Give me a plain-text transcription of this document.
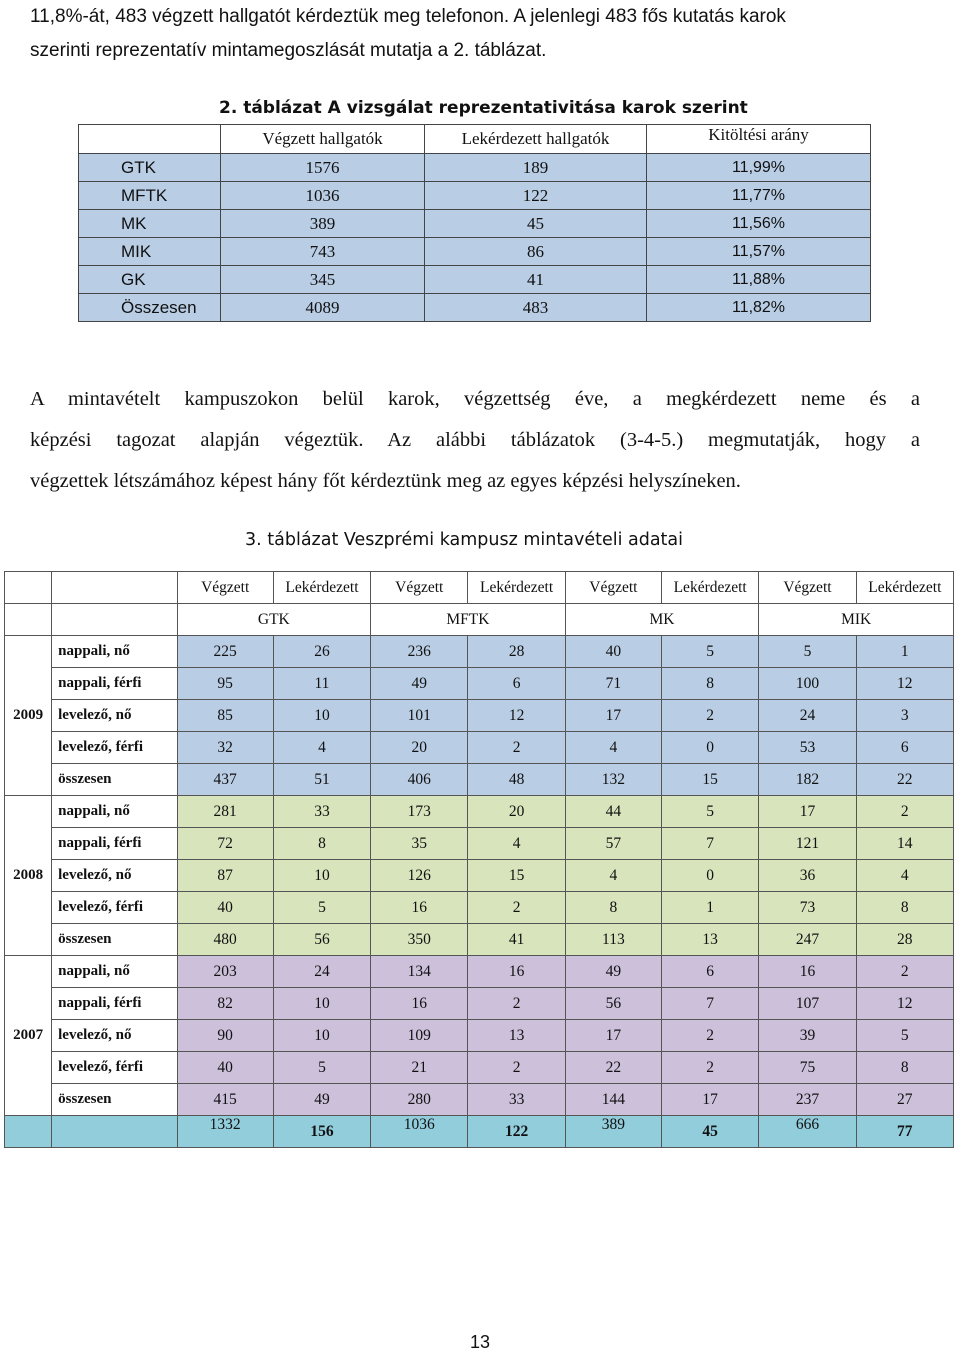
11,8%-át, 483 végzett hallgatót kérdeztük meg telefonon. A jelenlegi 483 fős kutatás karok
szerinti reprezentatív mintamegoszlását mutatja a 2. táblázat.
2. táblázat A vizsgálat reprezentativitása karok szerint
	Végzett hallgatók	Lekérdezett hallgatók	Kitöltési arány
GTK	1576	189	11,99%
MFTK	1036	122	11,77%
MK	389	45	11,56%
MIK	743	86	11,57%
GK	345	41	11,88%
Összesen	4089	483	11,82%
A mintavételt kampuszokon belül karok, végzettség éve, a megkérdezett neme és a
képzési tagozat alapján végeztük. Az alábbi táblázatok (3-4-5.) megmutatják, hogy a
végzettek létszámához képest hány főt kérdeztünk meg az egyes képzési helyszíneken.
3. táblázat Veszprémi kampusz mintavételi adatai
		Végzett	Lekérdezett	Végzett	Lekérdezett	Végzett	Lekérdezett	Végzett	Lekérdezett
		GTK		MFTK		MK		MIK	
2009	nappali, nő	225	26	236	28	40	5	5	1
	nappali, férfi	95	11	49	6	71	8	100	12
	levelező, nő	85	10	101	12	17	2	24	3
	levelező, férfi	32	4	20	2	4	0	53	6
	összesen	437	51	406	48	132	15	182	22
2008	nappali, nő	281	33	173	20	44	5	17	2
	nappali, férfi	72	8	35	4	57	7	121	14
	levelező, nő	87	10	126	15	4	0	36	4
	levelező, férfi	40	5	16	2	8	1	73	8
	összesen	480	56	350	41	113	13	247	28
2007	nappali, nő	203	24	134	16	49	6	16	2
	nappali, férfi	82	10	16	2	56	7	107	12
	levelező, nő	90	10	109	13	17	2	39	5
	levelező, férfi	40	5	21	2	22	2	75	8
	összesen	415	49	280	33	144	17	237	27
		1332	156	1036	122	389	45	666	77
13
